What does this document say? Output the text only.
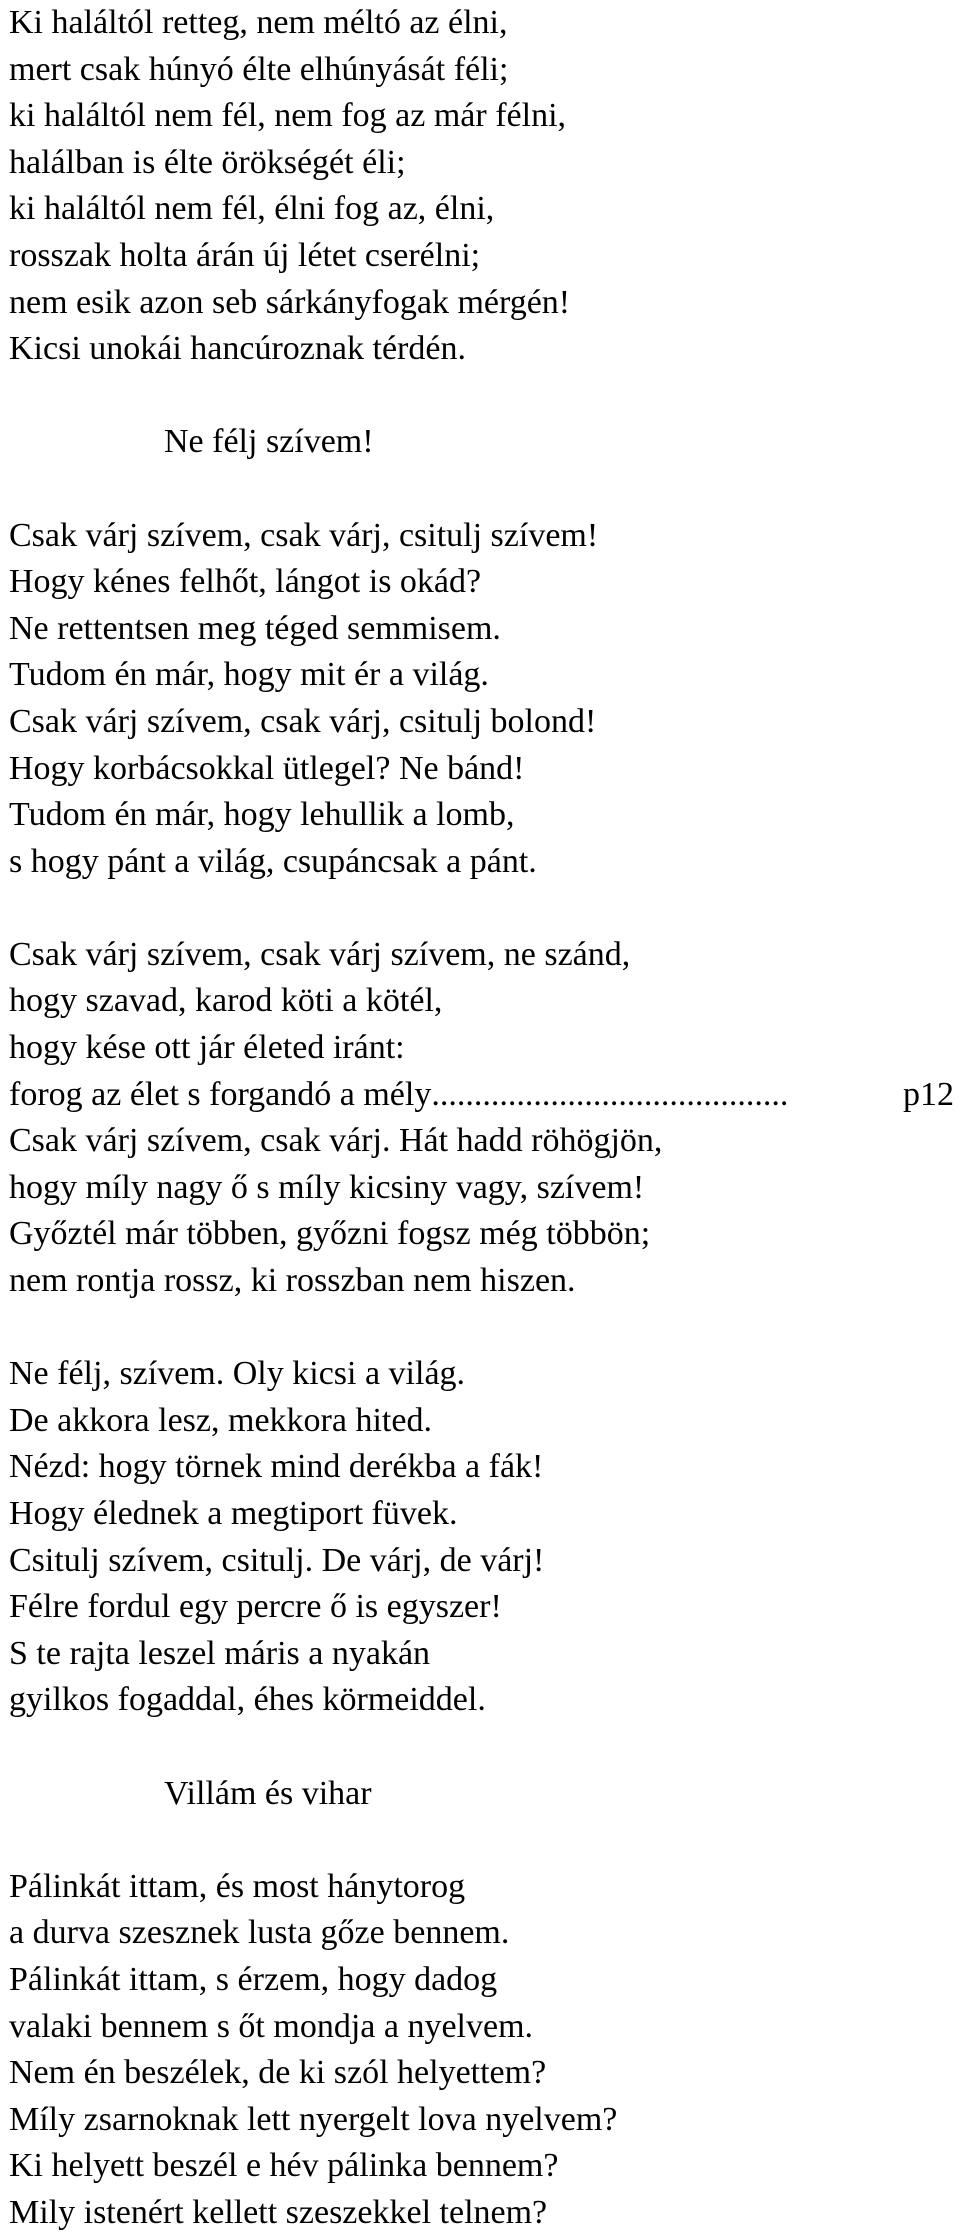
Ki haláltól retteg, nem méltó az élni,
mert csak húnyó élte elhúnyását féli;
ki haláltól nem fél, nem fog az már félni,
halálban is élte örökségét éli;
ki haláltól nem fél, élni fog az, élni,
rosszak holta árán új létet cserélni;
nem esik azon seb sárkányfogak mérgén!
Kicsi unokái hancúroznak térdén.
Ne félj szívem!
Csak várj szívem, csak várj, csitulj szívem!
Hogy kénes felhőt, lángot is okád?
Ne rettentsen meg téged semmisem.
Tudom én már, hogy mit ér a világ.
Csak várj szívem, csak várj, csitulj bolond!
Hogy korbácsokkal ütlegel? Ne bánd!
Tudom én már, hogy lehullik a lomb,
s hogy pánt a világ, csupáncsak a pánt.
Csak várj szívem, csak várj szívem, ne szánd,
hogy szavad, karod köti a kötél,
hogy kése ott jár életed iránt:
forog az élet s forgandó a mély ..........................................	p12
Csak várj szívem, csak várj. Hát hadd röhögjön,
hogy míly nagy ő s míly kicsiny vagy, szívem!
Győztél már többen, győzni fogsz még többön;
nem rontja rossz, ki rosszban nem hiszen.
Ne félj, szívem. Oly kicsi a világ.
De akkora lesz, mekkora hited.
Nézd: hogy törnek mind derékba a fák!
Hogy élednek a megtiport füvek.
Csitulj szívem, csitulj. De várj, de várj!
Félre fordul egy percre ő is egyszer!
S te rajta leszel máris a nyakán
gyilkos fogaddal, éhes körmeiddel.
Villám és vihar
Pálinkát ittam, és most hánytorog
a durva szesznek lusta gőze bennem.
Pálinkát ittam, s érzem, hogy dadog
valaki bennem s őt mondja a nyelvem.
Nem én beszélek, de ki szól helyettem?
Míly zsarnoknak lett nyergelt lova nyelvem?
Ki helyett beszél e hév pálinka bennem?
Mily istenért kellett szeszekkel telnem?
